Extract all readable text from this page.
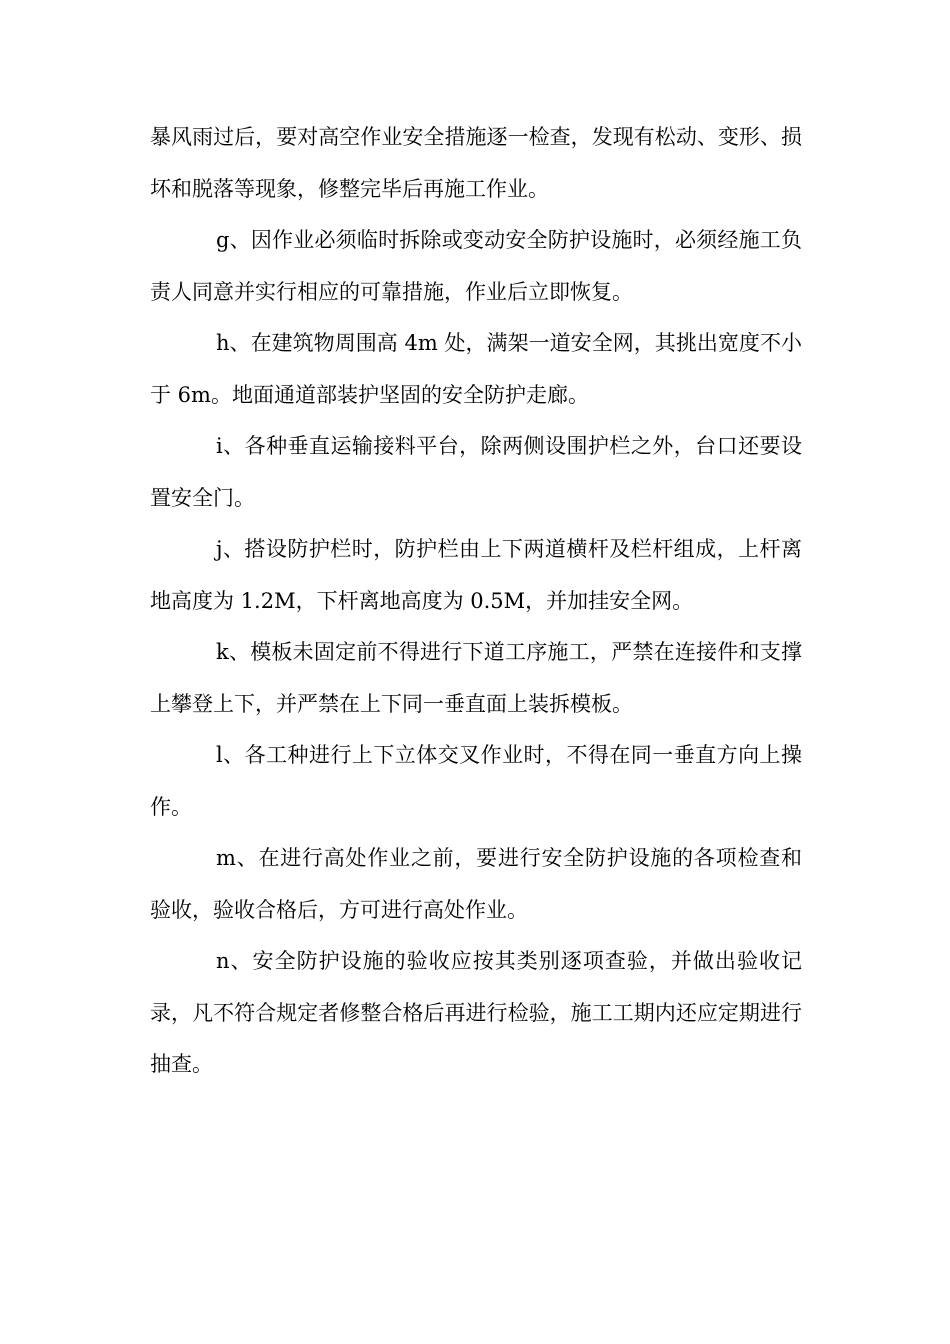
暴风雨过后，要对高空作业安全措施逐一检查，发现有松动、变形、损坏和脱落等现象，修整完毕后再施工作业。

g、因作业必须临时拆除或变动安全防护设施时，必须经施工负责人同意并实行相应的可靠措施，作业后立即恢复。

h、在建筑物周围高 4m 处，满架一道安全网，其挑出宽度不小于 6m。地面通道部装护坚固的安全防护走廊。

i、各种垂直运输接料平台，除两侧设围护栏之外，台口还要设置安全门。

j、搭设防护栏时，防护栏由上下两道横杆及栏杆组成，上杆离地高度为 1.2M，下杆离地高度为 0.5M，并加挂安全网。

k、模板未固定前不得进行下道工序施工，严禁在连接件和支撑上攀登上下，并严禁在上下同一垂直面上装拆模板。

l、各工种进行上下立体交叉作业时，不得在同一垂直方向上操作。

m、在进行高处作业之前，要进行安全防护设施的各项检查和验收，验收合格后，方可进行高处作业。

n、安全防护设施的验收应按其类别逐项查验，并做出验收记录，凡不符合规定者修整合格后再进行检验，施工工期内还应定期进行抽查。
